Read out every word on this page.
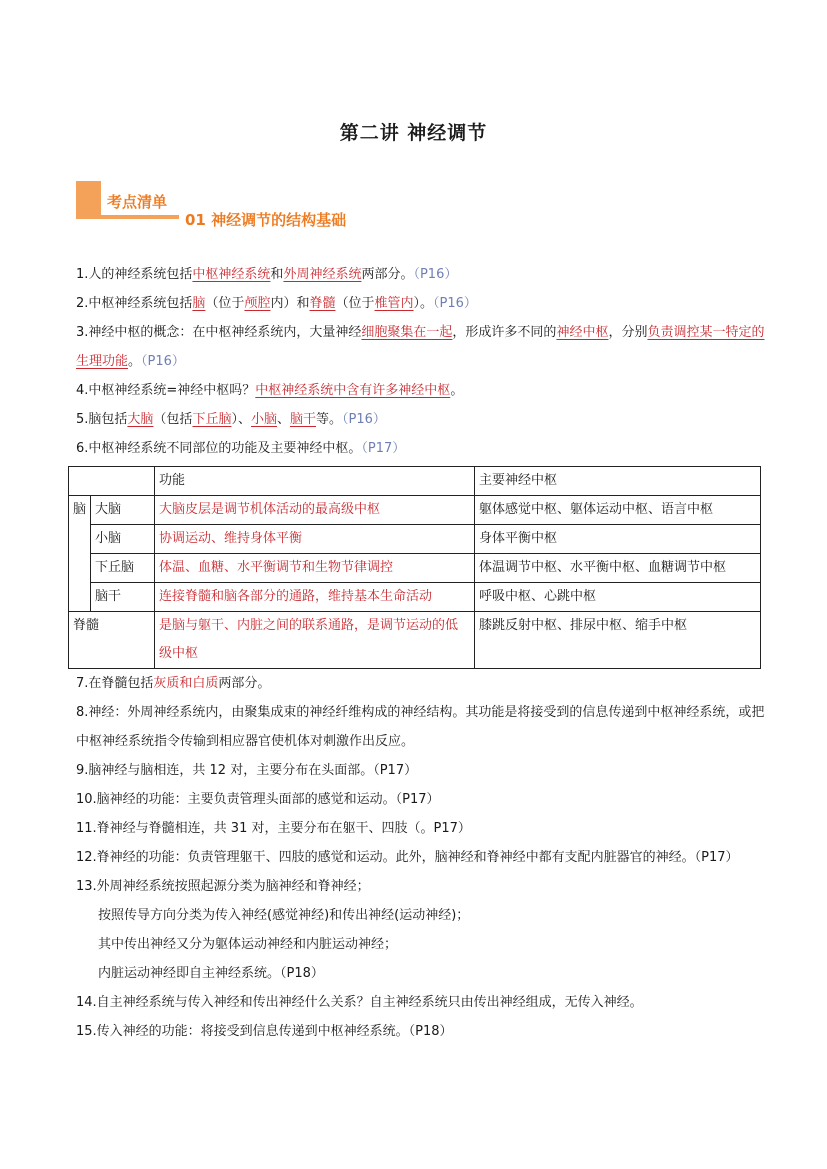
第二讲 神经调节
考点清单
01 神经调节的结构基础
1.人的神经系统包括中枢神经系统和外周神经系统两部分。（P16）
2.中枢神经系统包括脑（位于颅腔内）和脊髓（位于椎管内）。（P16）
3.神经中枢的概念：在中枢神经系统内，大量神经细胞聚集在一起，形成许多不同的神经中枢，分别负责调控某一特定的生理功能。（P16）
4.中枢神经系统=神经中枢吗？中枢神经系统中含有许多神经中枢。
5.脑包括大脑（包括下丘脑）、小脑、脑干等。（P16）
6.中枢神经系统不同部位的功能及主要神经中枢。（P17）
		功能	主要神经中枢
脑	大脑	大脑皮层是调节机体活动的最高级中枢	躯体感觉中枢、躯体运动中枢、语言中枢
	小脑	协调运动、维持身体平衡	身体平衡中枢
	下丘脑	体温、血糖、水平衡调节和生物节律调控	体温调节中枢、水平衡中枢、血糖调节中枢
	脑干	连接脊髓和脑各部分的通路，维持基本生命活动	呼吸中枢、心跳中枢
脊髓		是脑与躯干、内脏之间的联系通路，是调节运动的低级中枢	膝跳反射中枢、排尿中枢、缩手中枢
7.在脊髓包括灰质和白质两部分。
8.神经：外周神经系统内，由聚集成束的神经纤维构成的神经结构。其功能是将接受到的信息传递到中枢神经系统，或把中枢神经系统指令传输到相应器官使机体对刺激作出反应。
9.脑神经与脑相连，共 12 对，主要分布在头面部。（P17）
10.脑神经的功能：主要负责管理头面部的感觉和运动。（P17）
11.脊神经与脊髓相连，共 31 对，主要分布在躯干、四肢（。P17）
12.脊神经的功能：负责管理躯干、四肢的感觉和运动。此外，脑神经和脊神经中都有支配内脏器官的神经。（P17）
13.外周神经系统按照起源分类为脑神经和脊神经；
按照传导方向分类为传入神经(感觉神经)和传出神经(运动神经)；
其中传出神经又分为躯体运动神经和内脏运动神经；
内脏运动神经即自主神经系统。（P18）
14.自主神经系统与传入神经和传出神经什么关系？自主神经系统只由传出神经组成，无传入神经。
15.传入神经的功能：将接受到信息传递到中枢神经系统。（P18）
